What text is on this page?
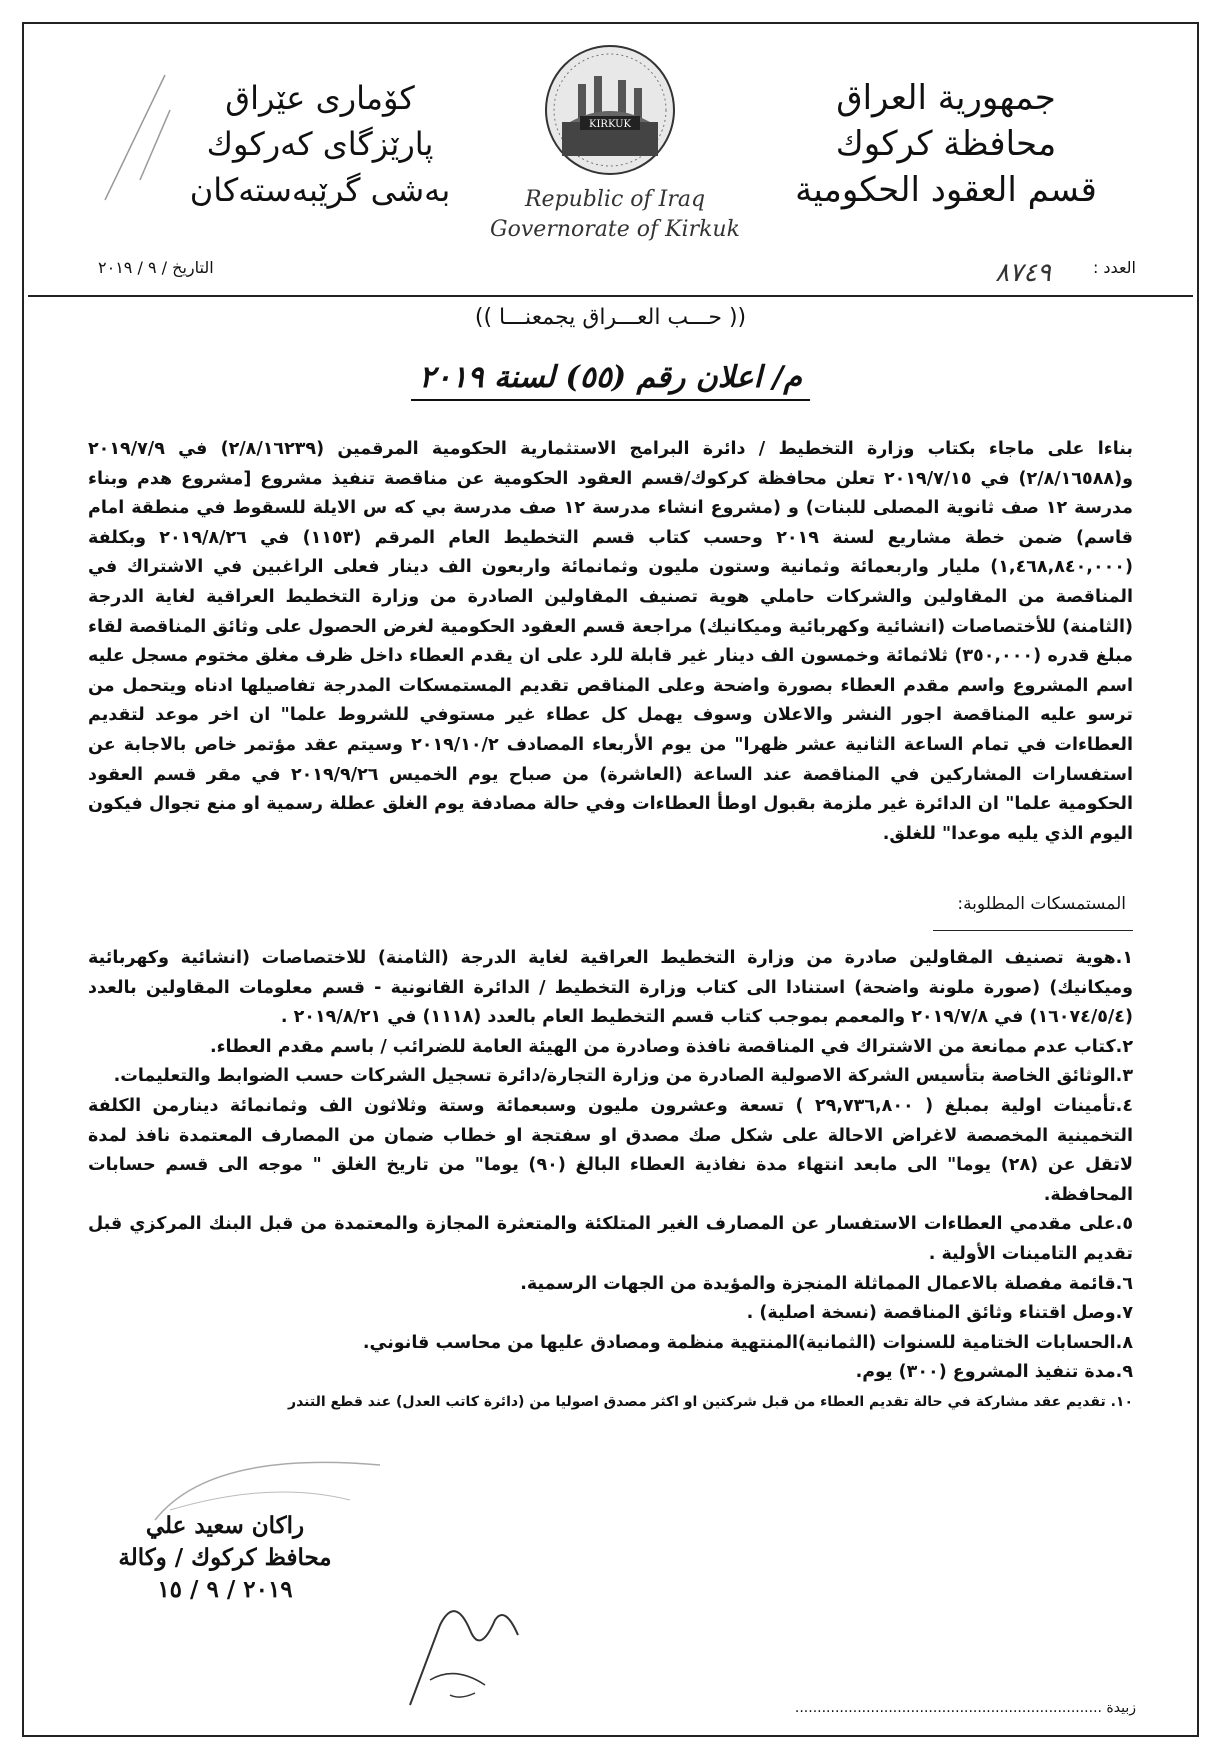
جمهورية العراق
محافظة كركوك
قسم العقود الحكومية
كۆمارى عێراق
پارێزگاى كەركوك
بەشى گرێبەستەكان
KIRKUK
Republic of Iraq
Governorate of Kirkuk
العدد :
٨٧٤٩
التاريخ / ٩ / ٢٠١٩
(( حـــب العـــراق يجمعنـــا ))
م/ اعلان رقم (٥٥) لسنة ٢٠١٩
بناءا على ماجاء بكتاب وزارة التخطيط / دائرة البرامج الاستثمارية الحكومية المرقمين (٢/٨/١٦٢٣٩) في ٢٠١٩/٧/٩ و(٢/٨/١٦٥٨٨) في ٢٠١٩/٧/١٥ تعلن محافظة كركوك/قسم العقود الحكومية عن مناقصة تنفيذ مشروع [مشروع هدم وبناء مدرسة ١٢ صف ثانوية المصلى للبنات) و (مشروع انشاء مدرسة ١٢ صف مدرسة بي كه س الايلة للسقوط في منطقة امام قاسم) ضمن خطة مشاريع لسنة ٢٠١٩ وحسب كتاب قسم التخطيط العام المرقم (١١٥٣) في ٢٠١٩/٨/٢٦ وبكلفة (١,٤٦٨,٨٤٠,٠٠٠) مليار واربعمائة وثمانية وستون مليون وثمانمائة واربعون الف دينار فعلى الراغبين في الاشتراك في المناقصة من المقاولين والشركات حاملي هوية تصنيف المقاولين الصادرة من وزارة التخطيط العراقية لغاية الدرجة (الثامنة) للأختصاصات (انشائية وكهربائية وميكانيك) مراجعة قسم العقود الحكومية لغرض الحصول على وثائق المناقصة لقاء مبلغ قدره (٣٥٠,٠٠٠) ثلاثمائة وخمسون الف دينار غير قابلة للرد على ان يقدم العطاء داخل ظرف مغلق مختوم مسجل عليه اسم المشروع واسم مقدم العطاء بصورة واضحة وعلى المناقص تقديم المستمسكات المدرجة تفاصيلها ادناه ويتحمل من ترسو عليه المناقصة اجور النشر والاعلان وسوف يهمل كل عطاء غير مستوفي للشروط علما" ان اخر موعد لتقديم العطاءات في تمام الساعة الثانية عشر ظهرا" من يوم الأربعاء المصادف ٢٠١٩/١٠/٢ وسيتم عقد مؤتمر خاص بالاجابة عن استفسارات المشاركين في المناقصة عند الساعة (العاشرة) من صباح يوم الخميس ٢٠١٩/٩/٢٦ في مقر قسم العقود الحكومية علما" ان الدائرة غير ملزمة بقبول اوطأ العطاءات وفي حالة مصادفة يوم الغلق عطلة رسمية او منع تجوال فيكون اليوم الذي يليه موعدا" للغلق.
المستمسكات المطلوبة:

١.هوية تصنيف المقاولين صادرة من وزارة التخطيط العراقية لغاية الدرجة (الثامنة) للاختصاصات (انشائية وكهربائية وميكانيك) (صورة ملونة واضحة) استنادا الى كتاب وزارة التخطيط / الدائرة القانونية - قسم معلومات المقاولين بالعدد (١٦٠٧٤/٥/٤) في ٢٠١٩/٧/٨ والمعمم بموجب كتاب قسم التخطيط العام بالعدد (١١١٨) في ٢٠١٩/٨/٢١ .

٢.كتاب عدم ممانعة من الاشتراك في المناقصة نافذة وصادرة من الهيئة العامة للضرائب / باسم مقدم العطاء.

٣.الوثائق الخاصة بتأسيس الشركة الاصولية الصادرة من وزارة التجارة/دائرة تسجيل الشركات حسب الضوابط والتعليمات.

٤.تأمينات اولية بمبلغ ( ٢٩,٧٣٦,٨٠٠ ) تسعة وعشرون مليون وسبعمائة وستة وثلاثون الف وثمانمائة دينارمن الكلفة التخمينية المخصصة لاغراض الاحالة على شكل صك مصدق او سفتجة او خطاب ضمان من المصارف المعتمدة نافذ لمدة لاتقل عن (٢٨) يوما" الى مابعد انتهاء مدة نفاذية العطاء البالغ (٩٠) يوما" من تاريخ الغلق " موجه الى قسم حسابات المحافظة.

٥.على مقدمي العطاءات الاستفسار عن المصارف الغير المتلكئة والمتعثرة المجازة والمعتمدة من قبل البنك المركزي قبل تقديم التامينات الأولية .

٦.قائمة مفصلة بالاعمال المماثلة المنجزة والمؤيدة من الجهات الرسمية.

٧.وصل اقتناء وثائق المناقصة (نسخة اصلية) .

٨.الحسابات الختامية للسنوات (الثمانية)المنتهية منظمة ومصادق عليها من محاسب قانوني.

٩.مدة تنفيذ المشروع (٣٠٠) يوم.

١٠. تقديم عقد مشاركة في حالة تقديم العطاء من قبل شركتين او اكثر مصدق اصوليا من (دائرة كاتب العدل) عند قطع التندر

راكان سعيد علي
محافظ كركوك / وكالة
٢٠١٩ / ٩ / ١٥
زبيدة .....................................................................
